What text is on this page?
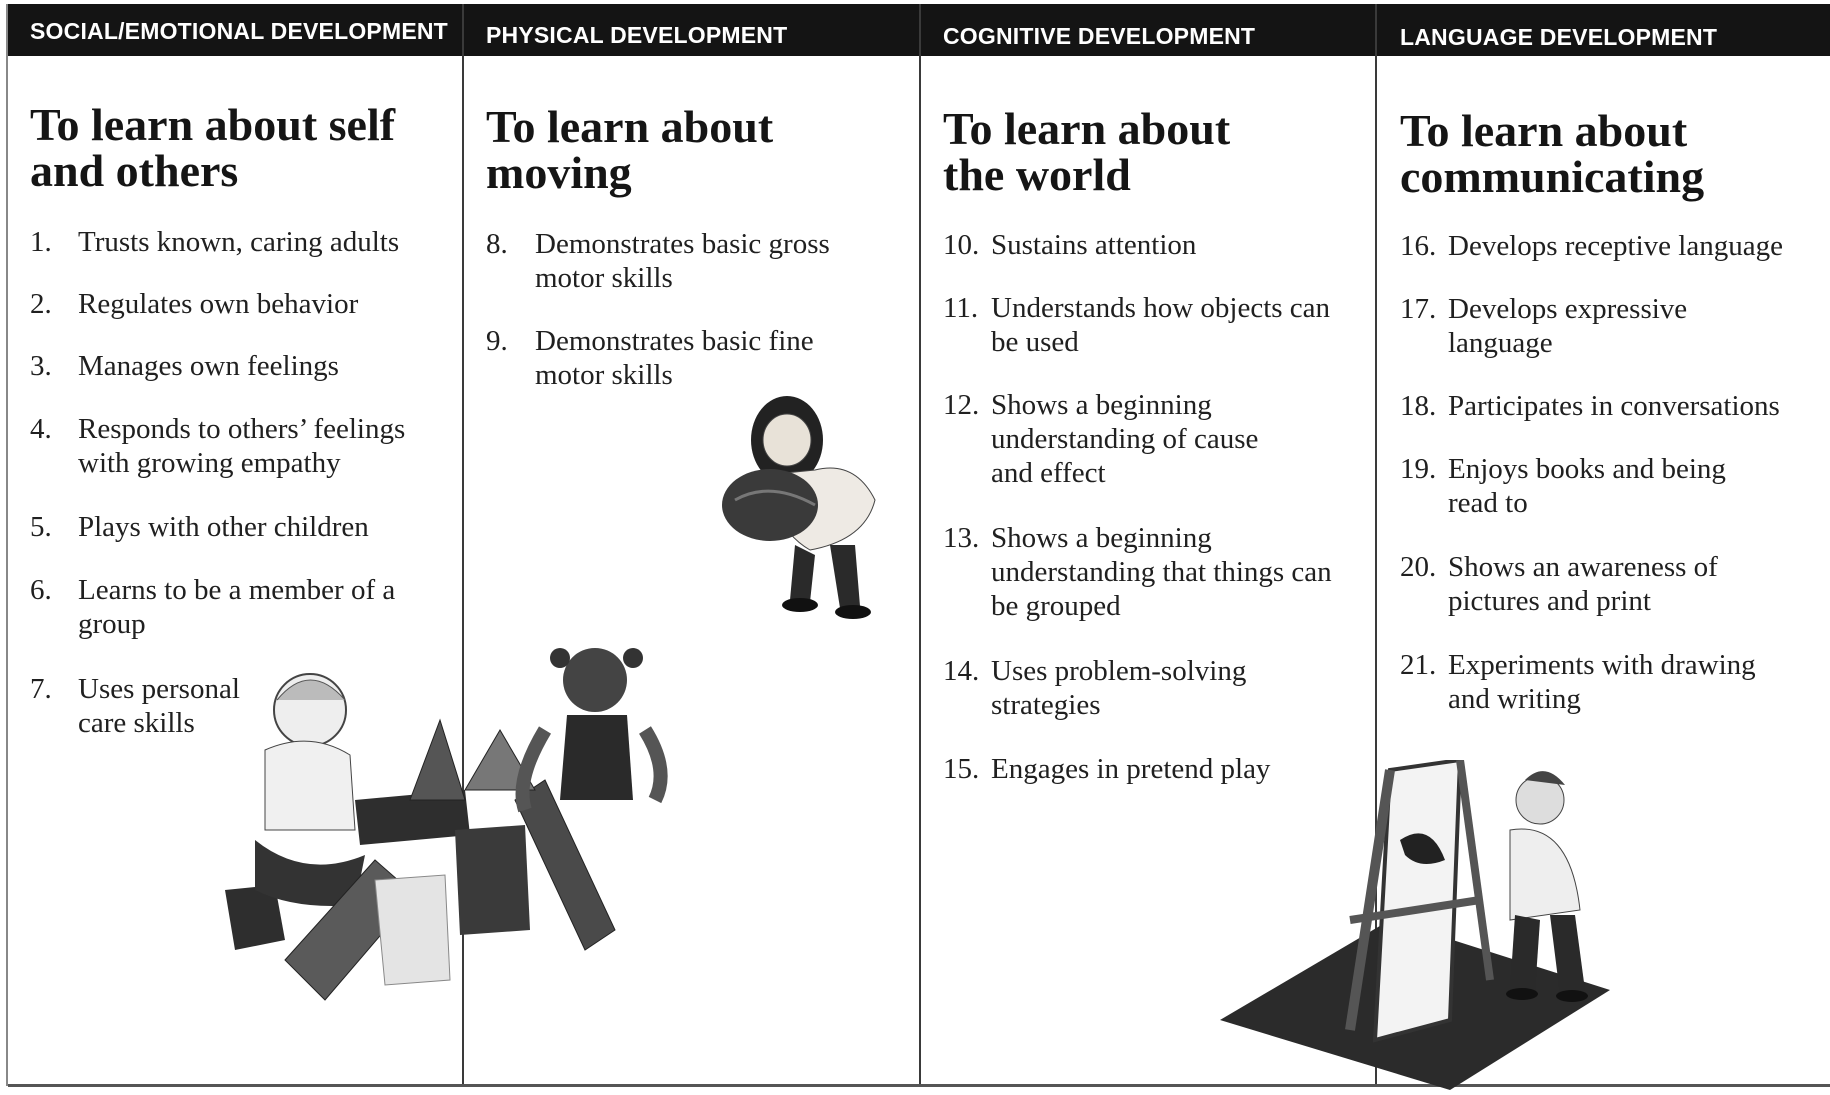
SOCIAL/EMOTIONAL DEVELOPMENT PHYSICAL DEVELOPMENT	COGNITIVE DEVELOPMENT	LANGUAGE DEVELOPMENT
To learn about self
and others
To learn about
moving
To learn about
the world
To learn about
communicating
1. Trusts known, caring adults
2. Regulates own behavior
3. Manages own feelings
4. Responds to others’ feelings with growing empathy
5. Plays with other children
6. Learns to be a member of a group
7. Uses personal care skills
8. Demonstrates basic gross motor skills
9. Demonstrates basic fine motor skills
10. Sustains attention
11. Understands how objects can be used
12. Shows a beginning understanding of cause and effect
13. Shows a beginning understanding that things can be grouped
14. Uses problem-solving strategies
15. Engages in pretend play
16. Develops receptive language
17. Develops expressive language
18. Participates in conversations
19. Enjoys books and being read to
20. Shows an awareness of pictures and print
21. Experiments with drawing and writing
